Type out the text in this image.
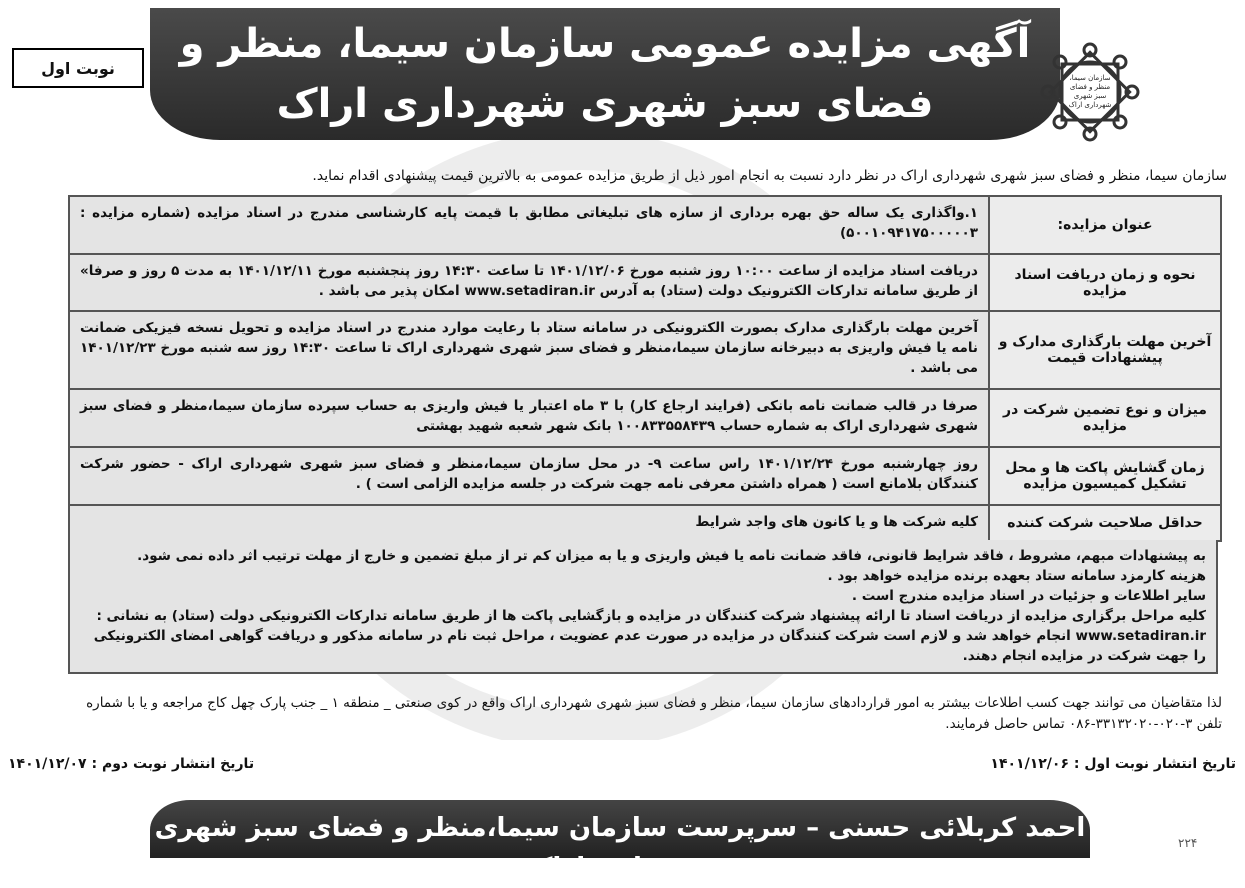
آگهی مزایده عمومی سازمان سیما، منظر و
فضای سبز شهری شهرداری اراک
نوبت اول
سازمان سیما، منظر و فضای سبز شهری شهرداری اراک
سازمان سیما، منظر و فضای سبز شهری شهرداری اراک در نظر دارد نسبت به انجام امور ذیل از طریق مزایده عمومی به بالاترین قیمت پیشنهادی اقدام نماید.
عنوان مزایده:
۱.واگذاری یک ساله حق بهره برداری از سازه های تبلیغاتی مطابق با قیمت پایه کارشناسی مندرج در اسناد مزایده (شماره مزایده : ۵۰۰۱۰۹۴۱۷۵۰۰۰۰۰۳)
نحوه و زمان دریافت اسناد مزایده
دریافت اسناد مزایده از ساعت ۱۰:۰۰ روز شنبه مورخ ۱۴۰۱/۱۲/۰۶ تا ساعت ۱۴:۳۰ روز پنجشنبه مورخ ۱۴۰۱/۱۲/۱۱ به مدت ۵ روز و صرفا» از طریق سامانه تدارکات الکترونیک دولت (ستاد) به آدرس www.setadiran.ir امکان پذیر می باشد .
آخرین مهلت بارگذاری مدارک و پیشنهادات قیمت
آخرین مهلت بارگذاری مدارک بصورت الکترونیکی در سامانه ستاد با رعایت موارد مندرج در اسناد مزایده و تحویل نسخه فیزیکی ضمانت نامه یا فیش واریزی به دبیرخانه سازمان سیما،منظر و فضای سبز شهری شهرداری اراک تا ساعت ۱۴:۳۰ روز سه شنبه مورخ ۱۴۰۱/۱۲/۲۳ می باشد .
میزان و نوع تضمین شرکت در مزایده
صرفا در قالب ضمانت نامه بانکی (فرایند ارجاع کار) با ۳ ماه اعتبار یا فیش واریزی به حساب سپرده سازمان سیما،منظر و فضای سبز شهری شهرداری اراک به شماره حساب ۱۰۰۸۳۳۵۵۸۴۳۹ بانک شهر شعبه شهید بهشتی
زمان گشایش پاکت ها و محل تشکیل کمیسیون مزایده
روز چهارشنبه مورخ ۱۴۰۱/۱۲/۲۴ راس ساعت ۹- در محل سازمان سیما،منظر و فضای سبز شهری شهرداری اراک - حضور شرکت کنندگان بلامانع است ( همراه داشتن معرفی نامه جهت شرکت در جلسه مزایده الزامی است ) .
حداقل صلاحیت شرکت کننده
کلیه شرکت ها و یا کانون های واجد شرایط

به پیشنهادات مبهم، مشروط ، فاقد شرایط قانونی، فاقد ضمانت نامه یا فیش واریزی و یا به میزان کم تر از مبلغ تضمین و خارج از مهلت ترتیب اثر داده نمی شود.

هزینه کارمزد سامانه ستاد بعهده برنده مزایده خواهد بود .

سایر اطلاعات و جزئیات در اسناد مزایده مندرج است .

کلیه مراحل برگزاری مزایده از دریافت اسناد تا ارائه پیشنهاد شرکت کنندگان در مزایده و بازگشایی پاکت ها از طریق سامانه تدارکات الکترونیکی دولت (ستاد) به نشانی : www.setadiran.ir انجام خواهد شد و لازم است شرکت کنندگان در مزایده در صورت عدم عضویت ، مراحل ثبت نام در سامانه مذکور و دریافت گواهی امضای الکترونیکی را جهت شرکت در مزایده انجام دهند.

لذا متقاضیان می توانند جهت کسب اطلاعات بیشتر به امور قراردادهای سازمان سیما، منظر و فضای سبز شهری شهرداری اراک واقع در کوی صنعتی _ منطقه ۱ _ جنب پارک چهل کاج مراجعه و یا با شماره تلفن ۳-۰۲۰-۳۳۱۳۲۰۲۰-۰۸۶ تماس حاصل فرمایند.
تاریخ انتشار نوبت اول : ۱۴۰۱/۱۲/۰۶
تاریخ انتشار نوبت دوم : ۱۴۰۱/۱۲/۰۷
احمد کربلائی حسنی – سرپرست سازمان سیما،منظر و فضای سبز شهری شهرداری اراک
۲۲۴
